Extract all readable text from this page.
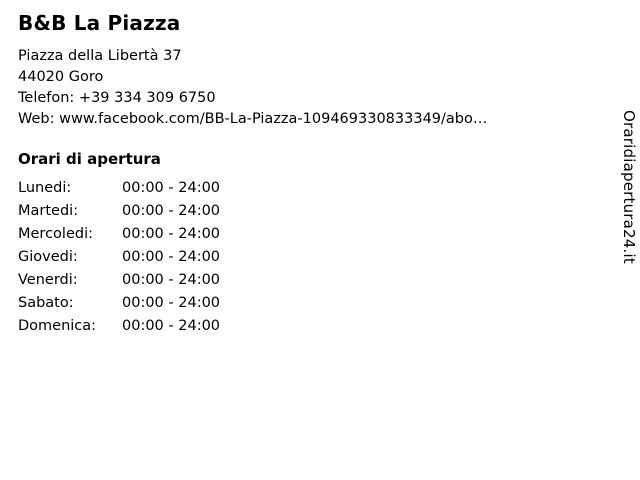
B&B La Piazza
Piazza della Libertà 37
44020 Goro
Telefon: +39 334 309 6750
Web: www.facebook.com/BB-La-Piazza-109469330833349/abo…
Orari di apertura
Lunedi:	00:00 - 24:00
Martedi:	00:00 - 24:00
Mercoledi:	00:00 - 24:00
Giovedi:	00:00 - 24:00
Venerdi:	00:00 - 24:00
Sabato:	00:00 - 24:00
Domenica:	00:00 - 24:00
Oraridiapertura24.it
